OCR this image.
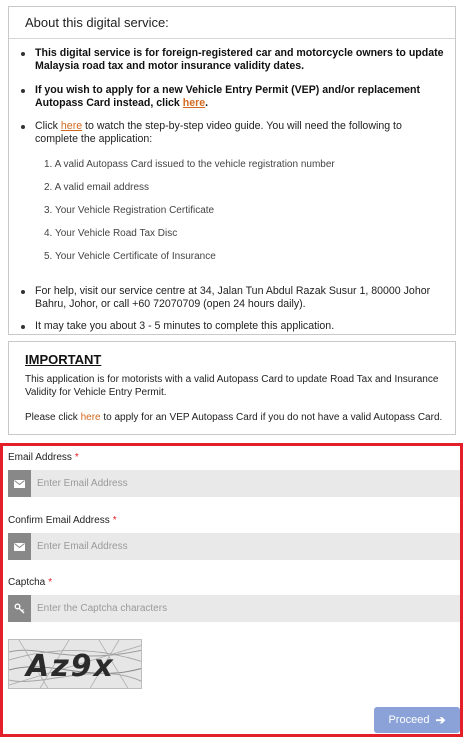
About this digital service:
This digital service is for foreign-registered car and motorcycle owners to update Malaysia road tax and motor insurance validity dates.
If you wish to apply for a new Vehicle Entry Permit (VEP) and/or replacement Autopass Card instead, click here.
Click here to watch the step-by-step video guide. You will need the following to complete the application:
1. A valid Autopass Card issued to the vehicle registration number
2. A valid email address
3. Your Vehicle Registration Certificate
4. Your Vehicle Road Tax Disc
5. Your Vehicle Certificate of Insurance
For help, visit our service centre at 34, Jalan Tun Abdul Razak Susur 1, 80000 Johor Bahru, Johor, or call +60 72070709 (open 24 hours daily).
It may take you about 3 - 5 minutes to complete this application.
IMPORTANT
This application is for motorists with a valid Autopass Card to update Road Tax and Insurance Validity for Vehicle Entry Permit.
Please click here to apply for an VEP Autopass Card if you do not have a valid Autopass Card.
Email Address *
Enter Email Address
Confirm Email Address *
Enter Email Address
Captcha *
Enter the Captcha characters
Az9x
Proceed ➔
